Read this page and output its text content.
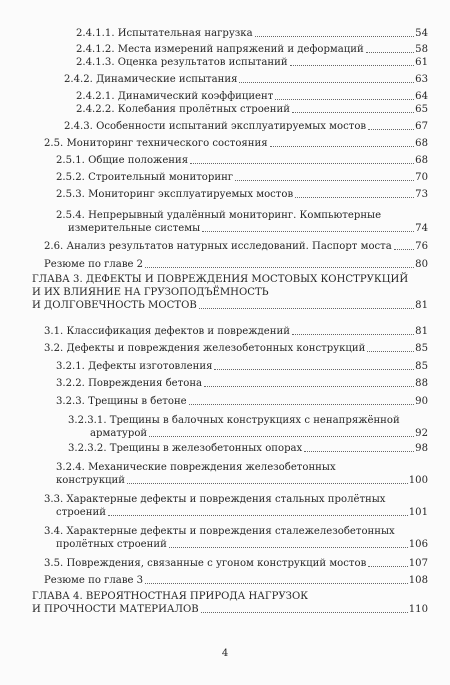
2.4.1.1. Испытательная нагрузка	54
2.4.1.2. Места измерений напряжений и деформаций	58
2.4.1.3. Оценка результатов испытаний	61
2.4.2. Динамические испытания	63
2.4.2.1. Динамический коэффициент	64
2.4.2.2. Колебания пролётных строений	65
2.4.3. Особенности испытаний эксплуатируемых мостов	67
2.5. Мониторинг технического состояния	68
2.5.1. Общие положения	68
2.5.2. Строительный мониторинг	70
2.5.3. Мониторинг эксплуатируемых мостов	73
2.5.4. Непрерывный удалённый мониторинг. Компьютерные
измерительные системы	74
2.6. Анализ результатов натурных исследований. Паспорт моста 76
Резюме по главе 2	80
ГЛАВА 3. ДЕФЕКТЫ И ПОВРЕЖДЕНИЯ МОСТОВЫХ КОНСТРУКЦИЙ
И ИХ ВЛИЯНИЕ НА ГРУЗОПОДЪЁМНОСТЬ
И ДОЛГОВЕЧНОСТЬ МОСТОВ	81
3.1. Классификация дефектов и повреждений	81
3.2. Дефекты и повреждения железобетонных конструкций	85
3.2.1. Дефекты изготовления	85
3.2.2. Повреждения бетона	88
3.2.3. Трещины в бетоне	90
3.2.3.1. Трещины в балочных конструкциях с ненапряжённой
арматурой	92
3.2.3.2. Трещины в железобетонных опорах	98
3.2.4. Механические повреждения железобетонных
конструкций	100
3.3. Характерные дефекты и повреждения стальных пролётных
строений	101
3.4. Характерные дефекты и повреждения сталежелезобетонных
пролётных строений	106
3.5. Повреждения, связанные с угоном конструкций мостов	107
Резюме по главе 3	108
ГЛАВА 4. ВЕРОЯТНОСТНАЯ ПРИРОДА НАГРУЗОК
И ПРОЧНОСТИ МАТЕРИАЛОВ	110
4
